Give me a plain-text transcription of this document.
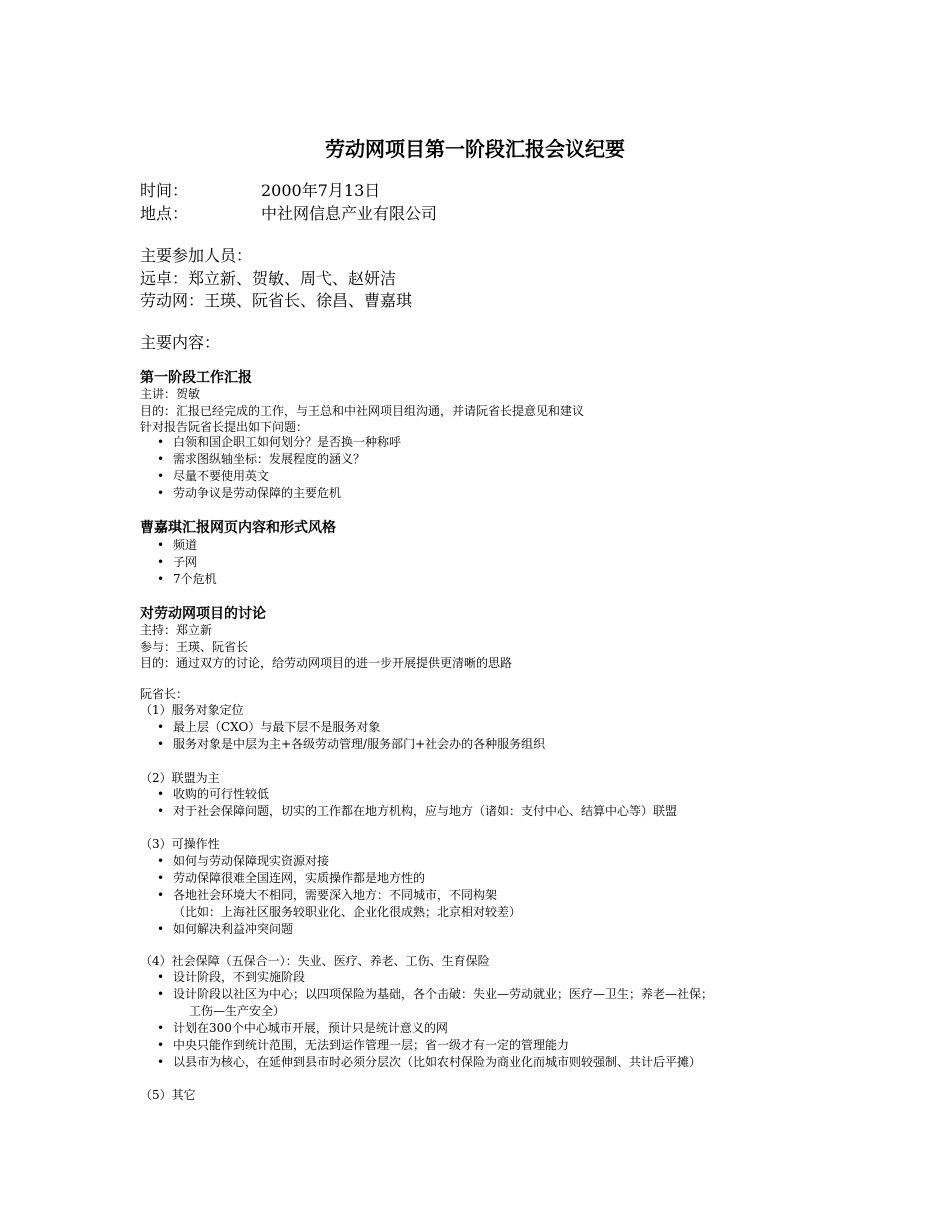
劳动网项目第一阶段汇报会议纪要
时间：	2000年7月13日
地点：	中社网信息产业有限公司
主要参加人员：
远卓：郑立新、贺敏、周弋、赵妍洁
劳动网：王瑛、阮省长、徐昌、曹嘉琪
主要内容：
第一阶段工作汇报
主讲：贺敏
目的：汇报已经完成的工作，与王总和中社网项目组沟通，并请阮省长提意见和建议
针对报告阮省长提出如下问题：
• 白领和国企职工如何划分？是否换一种称呼
• 需求图纵轴坐标：发展程度的涵义？
• 尽量不要使用英文
• 劳动争议是劳动保障的主要危机
曹嘉琪汇报网页内容和形式风格
• 频道
• 子网
• 7个危机
对劳动网项目的讨论
主持：郑立新
参与：王瑛、阮省长
目的：通过双方的讨论，给劳动网项目的进一步开展提供更清晰的思路
阮省长：
（1）服务对象定位
• 最上层（CXO）与最下层不是服务对象
• 服务对象是中层为主+各级劳动管理/服务部门+社会办的各种服务组织
（2）联盟为主
• 收购的可行性较低
• 对于社会保障问题，切实的工作都在地方机构，应与地方（诸如：支付中心、结算中心等）联盟
（3）可操作性
• 如何与劳动保障现实资源对接
• 劳动保障很难全国连网，实质操作都是地方性的
• 各地社会环境大不相同，需要深入地方：不同城市，不同构架
（比如：上海社区服务较职业化、企业化很成熟；北京相对较差）
• 如何解决利益冲突问题
（4）社会保障（五保合一）：失业、医疗、养老、工伤、生育保险
• 设计阶段，不到实施阶段
• 设计阶段以社区为中心；以四项保险为基础，各个击破：失业—劳动就业；医疗—卫生；养老—社保；
工伤—生产安全）
• 计划在300个中心城市开展，预计只是统计意义的网
• 中央只能作到统计范围，无法到运作管理一层；省一级才有一定的管理能力
• 以县市为核心，在延伸到县市时必须分层次（比如农村保险为商业化而城市则较强制、共计后平摊）
（5）其它
